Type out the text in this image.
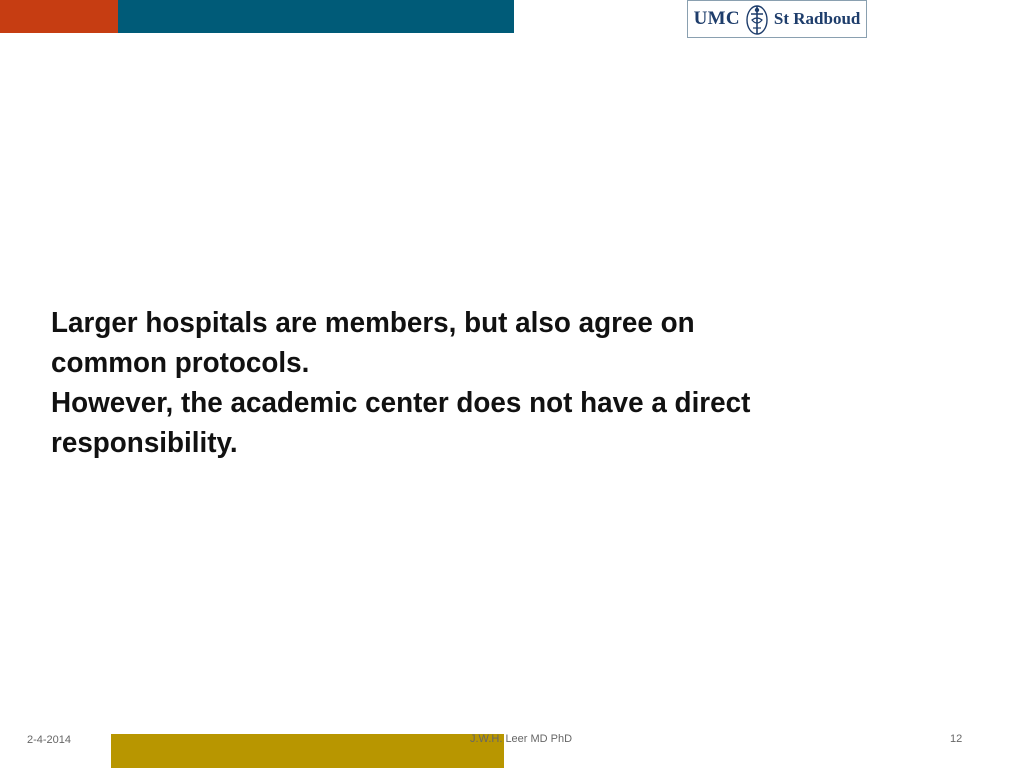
UMC St Radboud
Larger hospitals are members, but also agree on
common protocols.
However, the academic center does not have a direct
responsibility.
2-4-2014	J.W.H. Leer MD PhD	12
